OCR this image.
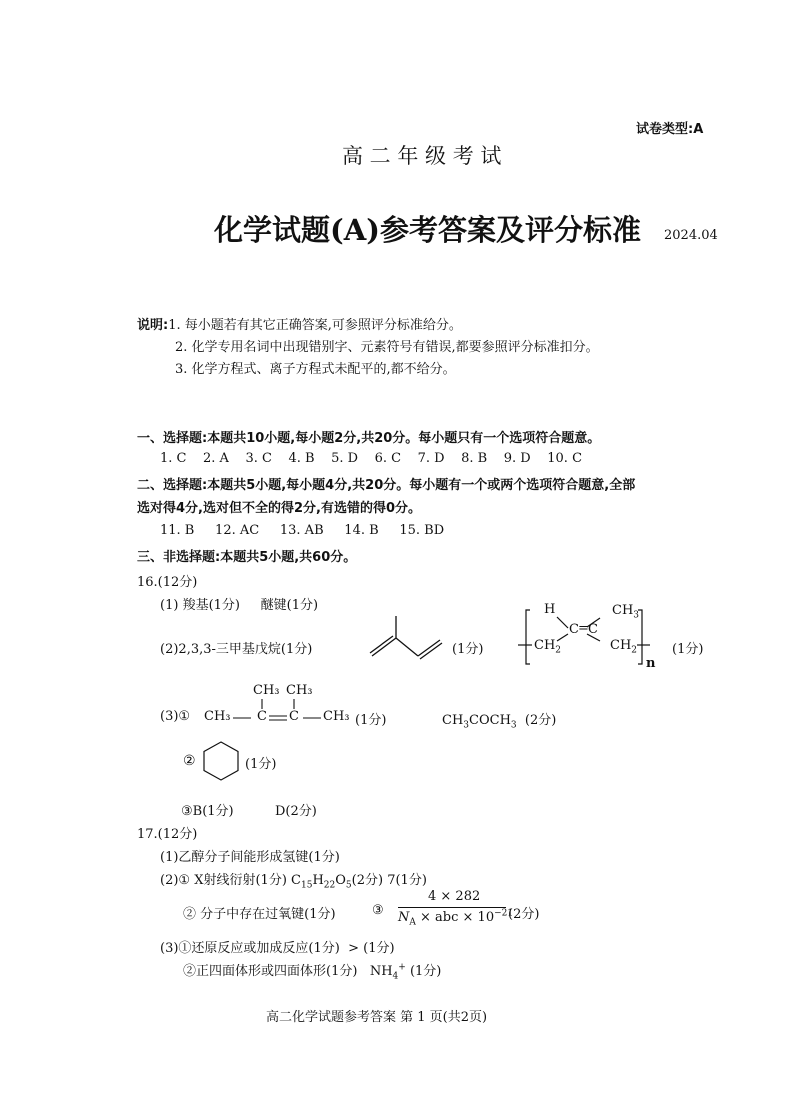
试卷类型:A
高 二 年 级 考 试
化学试题(A)参考答案及评分标准 2024.04
说明:1. 每小题若有其它正确答案,可参照评分标准给分。
2. 化学专用名词中出现错别字、元素符号有错误,都要参照评分标准扣分。
3. 化学方程式、离子方程式未配平的,都不给分。
一、选择题:本题共10小题,每小题2分,共20分。每小题只有一个选项符合题意。
1. C 2. A 3. C 4. B 5. D 6. C 7. D 8. B 9. D 10. C
二、选择题:本题共5小题,每小题4分,共20分。每小题有一个或两个选项符合题意,全部
选对得4分,选对但不全的得2分,有选错的得0分。
11. B 12. AC 13. AB 14. B 15. BD
三、非选择题:本题共5小题,共60分。
16.(12分)
(1) 羧基(1分) 醚键(1分)
(2)2,3,3-三甲基戊烷(1分)	(1分)
H	$CH_3$
C = C
$CH_2$	$CH_2$
n
(1分)
(3)①
CH₃ CH₃
CH₃ C C CH₃ (1分)	$CH_3COCH_3$ (2分)
②	(1分)
③B(1分)	D(2分)
17.(12分)
(1)乙醇分子间能形成氢键(1分)
(2)① X射线衍射(1分) $C_{15}H_{22}O_5(2$分) 7(1分)
② 分子中存在过氧键(1分)	③
4 × 282
$N_A$ × abc × $10^{-21}$
(2分)
(3)①还原反应或加成反应(1分) > (1分)
②正四面体形或四面体形(1分) $NH_4^+$ (1分)
高二化学试题参考答案 第 1 页(共2页)
